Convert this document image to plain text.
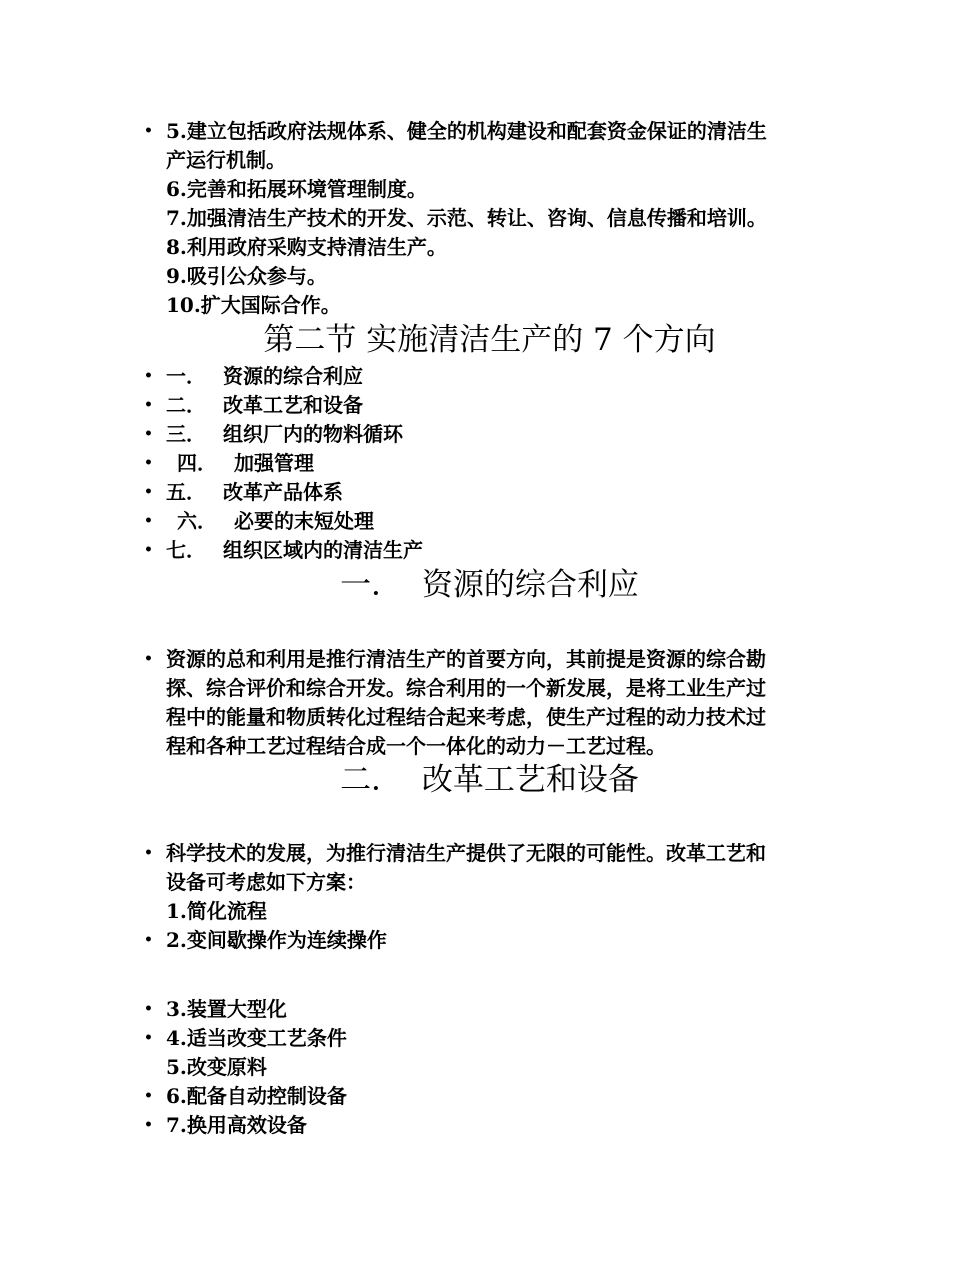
• 5.建立包括政府法规体系、健全的机构建设和配套资金保证的清洁生
产运行机制。
6.完善和拓展环境管理制度。
7.加强清洁生产技术的开发、示范、转让、咨询、信息传播和培训。
8.利用政府采购支持清洁生产。
9.吸引公众参与。
10.扩大国际合作。
第二节 实施清洁生产的 7 个方向
• 一． 资源的综合利应
• 二． 改革工艺和设备
• 三． 组织厂内的物料循环
• 四． 加强管理
• 五． 改革产品体系
• 六． 必要的末短处理
• 七． 组织区域内的清洁生产
一．  资源的综合利应
• 资源的总和利用是推行清洁生产的首要方向，其前提是资源的综合勘
探、综合评价和综合开发。综合利用的一个新发展，是将工业生产过
程中的能量和物质转化过程结合起来考虑，使生产过程的动力技术过
程和各种工艺过程结合成一个一体化的动力－工艺过程。
二．  改革工艺和设备
• 科学技术的发展，为推行清洁生产提供了无限的可能性。改革工艺和
设备可考虑如下方案：
1.简化流程
• 2.变间歇操作为连续操作
• 3.装置大型化
• 4.适当改变工艺条件
5.改变原料
• 6.配备自动控制设备
• 7.换用高效设备
